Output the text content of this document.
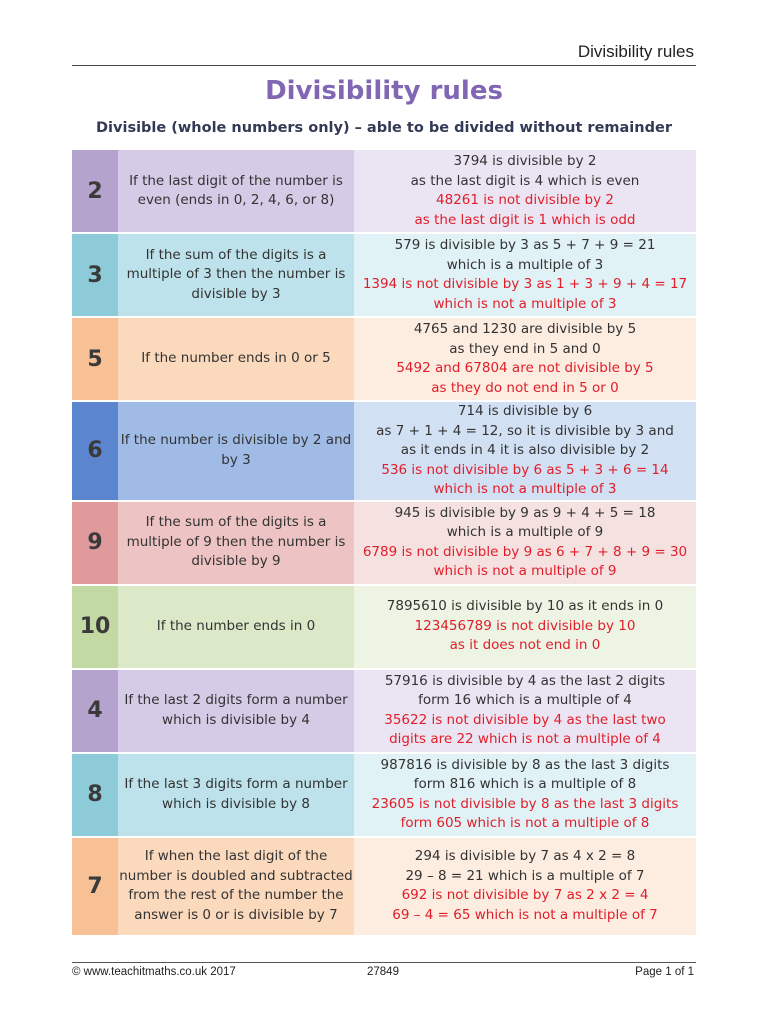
Divisibility rules
Divisibility rules
Divisible (whole numbers only) – able to be divided without remainder
2	If the last digit of the number is even (ends in 0, 2, 4, 6, or 8)	3794 is divisible by 2
as the last digit is 4 which is even
48261 is not divisible by 2
as the last digit is 1 which is odd

3	If the sum of the digits is a multiple of 3 then the number is divisible by 3	579 is divisible by 3 as 5 + 7 + 9 = 21
which is a multiple of 3
1394 is not divisible by 3 as 1 + 3 + 9 + 4 = 17
which is not a multiple of 3

5	If the number ends in 0 or 5	4765 and 1230 are divisible by 5
as they end in 5 and 0
5492 and 67804 are not divisible by 5
as they do not end in 5 or 0

6	If the number is divisible by 2 and by 3	714 is divisible by 6
as 7 + 1 + 4 = 12, so it is divisible by 3 and
as it ends in 4 it is also divisible by 2
536 is not divisible by 6 as 5 + 3 + 6 = 14
which is not a multiple of 3

9	If the sum of the digits is a multiple of 9 then the number is divisible by 9	945 is divisible by 9 as 9 + 4 + 5 = 18
which is a multiple of 9
6789 is not divisible by 9 as 6 + 7 + 8 + 9 = 30
which is not a multiple of 9

10	If the number ends in 0	7895610 is divisible by 10 as it ends in 0
123456789 is not divisible by 10
as it does not end in 0

4	If the last 2 digits form a number which is divisible by 4	57916 is divisible by 4 as the last 2 digits
form 16 which is a multiple of 4
35622 is not divisible by 4 as the last two
digits are 22 which is not a multiple of 4

8	If the last 3 digits form a number which is divisible by 8	987816 is divisible by 8 as the last 3 digits
form 816 which is a multiple of 8
23605 is not divisible by 8 as the last 3 digits
form 605 which is not a multiple of 8

7	If when the last digit of the number is doubled and subtracted from the rest of the number the answer is 0 or is divisible by 7	294 is divisible by 7 as 4 x 2 = 8
29 – 8 = 21 which is a multiple of 7
692 is not divisible by 7 as 2 x 2 = 4
69 – 4 = 65 which is not a multiple of 7
© www.teachitmaths.co.uk 2017	27849	Page 1 of 1
